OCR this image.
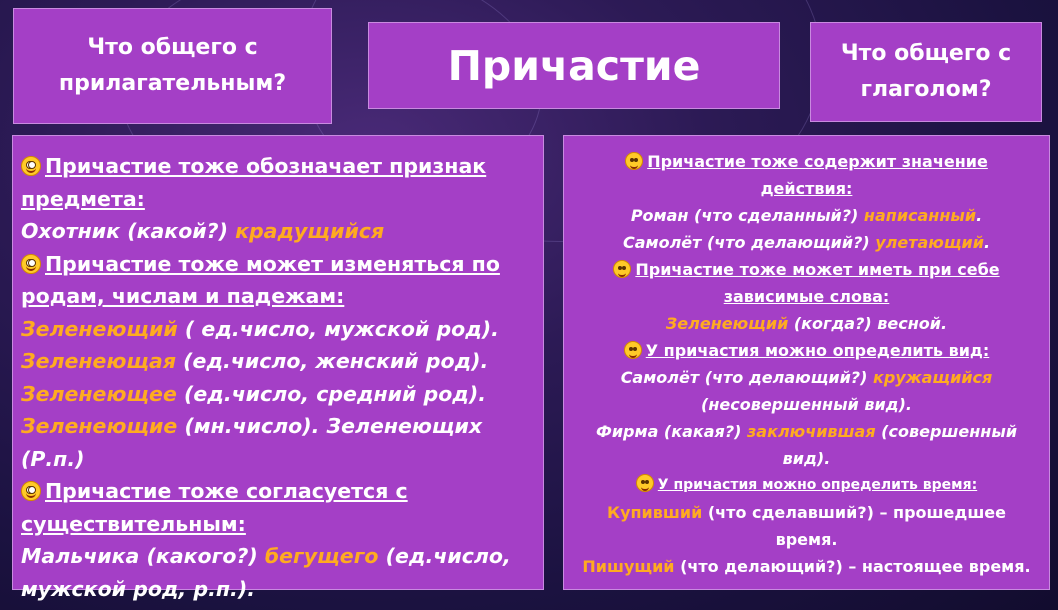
Что общего с прилагательным?	Причастие	Что общего с глаголом?
Причастие тоже обозначает признак
предмета:
Охотник (какой?) крадущийся
Причастие тоже может изменяться по
родам, числам и падежам:
Зеленеющий ( ед.число, мужской род).
Зеленеющая (ед.число, женский род).
Зеленеющее (ед.число, средний род).
Зеленеющие (мн.число). Зеленеющих (Р.п.)
Причастие тоже согласуется с
существительным:
Мальчика (какого?) бегущего (ед.число,
мужской род, р.п.).
Причастие тоже содержит значение
действия:
Роман (что сделанный?) написанный.
Самолёт (что делающий?) улетающий.
Причастие тоже может иметь при себе
зависимые слова:
Зеленеющий (когда?) весной.
У причастия можно определить вид:
Самолёт (что делающий?) кружащийся
(несовершенный вид).
Фирма (какая?) заключившая (совершенный
вид).
У причастия можно определить время:
Купивший (что сделавший?) – прошедшее
время.
Пишущий (что делающий?) – настоящее время.
